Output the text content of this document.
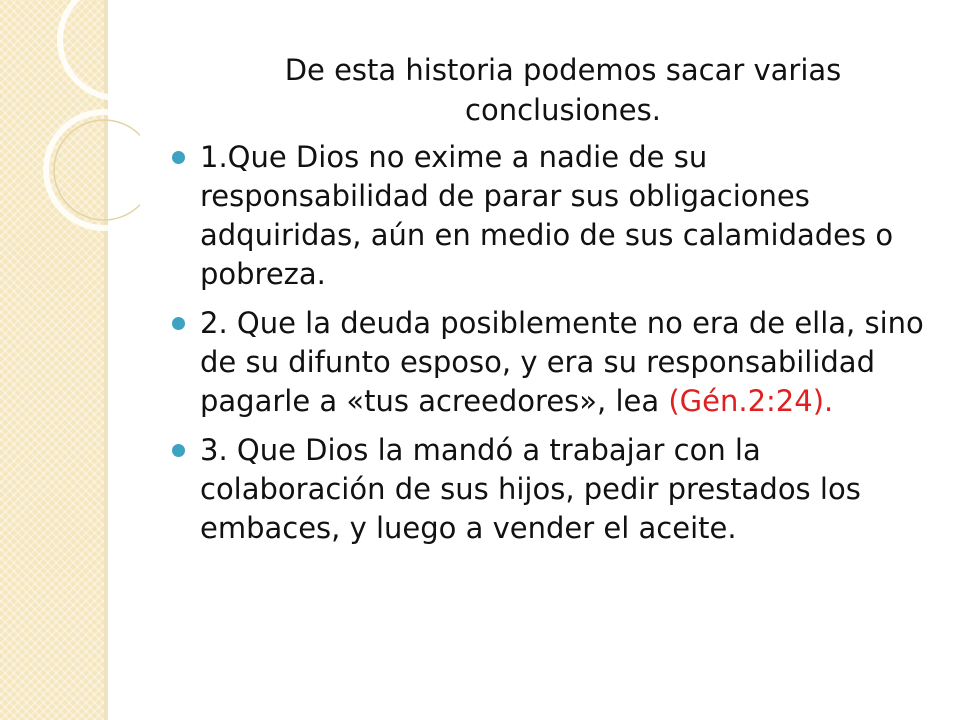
De esta historia podemos sacar varias conclusiones.
1.Que Dios no exime a nadie de su responsabilidad de parar sus obligaciones adquiridas, aún en medio de sus calamidades o pobreza.
2. Que la deuda posiblemente no era de ella, sino de su difunto esposo, y era su responsabilidad pagarle a «tus acreedores», lea (Gén.2:24).
3. Que Dios la mandó a trabajar con la colaboración de sus hijos, pedir prestados los embaces, y luego a vender el aceite.
